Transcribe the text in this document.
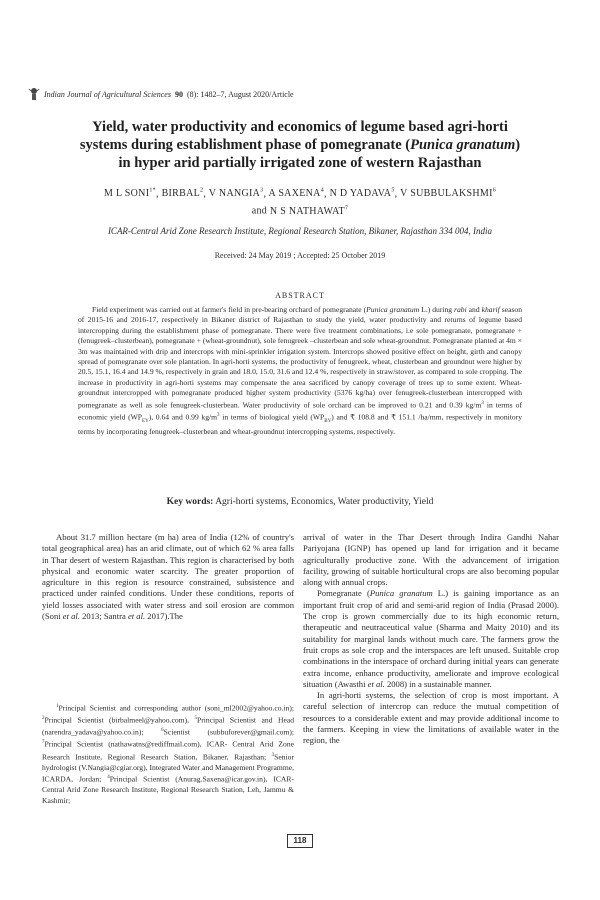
Indian Journal of Agricultural Sciences 90 (8): 1482–7, August 2020/Article
Yield, water productivity and economics of legume based agri-horti
systems during establishment phase of pomegranate (Punica granatum)
in hyper arid partially irrigated zone of western Rajasthan
M L $SONI^{1*}$, BIRBAL$^2$, V NANGIA$^3$, A SAXENA$^4$, N D YADAVA$^5$, V SUBBULAKSHMI$^6$
and N S NATHAWAT$^7$
ICAR-Central Arid Zone Research Institute, Regional Research Station, Bikaner, Rajasthan 334 004, India
Received: 24 May 2019 ; Accepted: 25 October 2019
ABSTRACT
Field experiment was carried out at farmer's field in pre-bearing orchard of pomegranate (Punica granatum L.) during rabi and kharif season of 2015-16 and 2016-17, respectively in Bikaner district of Rajasthan to study the yield, water productivity and returns of legume based intercropping during the establishment phase of pomegranate. There were five treatment combinations, i.e sole pomegranate, pomegranate + (fenugreek–clusterbean), pomegranate + (wheat-groundnut), sole fenugreek –clusterbean and sole wheat-groundnut. Pomegranate planted at 4m × 3m was maintained with drip and intercrops with mini-sprinkler irrigation system. Intercrops showed positive effect on height, girth and canopy spread of pomegranate over sole plantation. In agri-horti systems, the productivity of fenugreek, wheat, clusterbean and groundnut were higher by 20.5, 15.1, 16.4 and 14.9 %, respectively in grain and 18.0, 15.0, 31.6 and 12.4 %, respectively in straw/stover, as compared to sole cropping. The increase in productivity in agri-horti systems may compensate the area sacrificed by canopy coverage of trees up to some extent. Wheat-groundnut intercropped with pomegranate produced higher system productivity (5376 kg/ha) over fenugreek-clusterbean intercropped with pomegranate as well as sole fenugreek-clusterbean. Water productivity of sole orchard can be improved to 0.21 and 0.39 $kg/m^3$ in terms of economic yield $(WP_{EY})$, 0.64 and 0.99 $kg/m^3$ in terms of biological yield $(WP_{BY})$ and ₹ 108.8 and ₹ 151.1 /ha/mm, respectively in monitory terms by incorporating fenugreek–clusterbean and wheat-groundnut intercropping systems, respectively.
Key words: Agri-horti systems, Economics, Water productivity, Yield

About 31.7 million hectare (m ha) area of India (12% of country's total geographical area) has an arid climate, out of which 62 % area falls in Thar desert of western Rajasthan. This region is characterised by both physical and economic water scarcity. The greater proportion of agriculture in this region is resource constrained, subsistence and practiced under rainfed conditions. Under these conditions, reports of yield losses associated with water stress and soil erosion are common (Soni et al. 2013; Santra et al. 2017).The

$^1$Principal Scientist and corresponding author (soni_ml2002@yahoo.co.in); $^2$Principal Scientist (birbalmeel@yahoo.com), $^5$Principal Scientist and Head (narendra_yadava@yahoo.co.in); $^6$Scientist (subbuforever@gmail.com); $^7$Principal Scientist (nathawatns@rediffmail.com), ICAR- Central Arid Zone Research Institute, Regional Research Station, Bikaner, Rajasthan; $^3$Senior hydrologist (V.Nangia@cgiar.org), Integrated Water and Management Programme, ICARDA, Jordan; $^4$Principal Scientist (Anurag.Saxena@icar.gov.in), ICAR- Central Arid Zone Research Institute, Regional Research Station, Leh, Jammu & Kashmir;

arrival of water in the Thar Desert through Indira Gandhi Nahar Pariyojana (IGNP) has opened up land for irrigation and it became agriculturally productive zone. With the advancement of irrigation facility, growing of suitable horticultural crops are also becoming popular along with annual crops.

Pomegranate (Punica granatum L.) is gaining importance as an important fruit crop of arid and semi-arid region of India (Prasad 2000). The crop is grown commercially due to its high economic return, therapeutic and neutraceutical value (Sharma and Maity 2010) and its suitability for marginal lands without much care. The farmers grow the fruit crops as sole crop and the interspaces are left unused. Suitable crop combinations in the interspace of orchard during initial years can generate extra income, enhance productivity, ameliorate and improve ecological situation (Awasthi et al. 2008) in a sustainable manner.

In agri-horti systems, the selection of crop is most important. A careful selection of intercrop can reduce the mutual competition of resources to a considerable extent and may provide additional income to the farmers. Keeping in view the limitations of available water in the region, the

118
